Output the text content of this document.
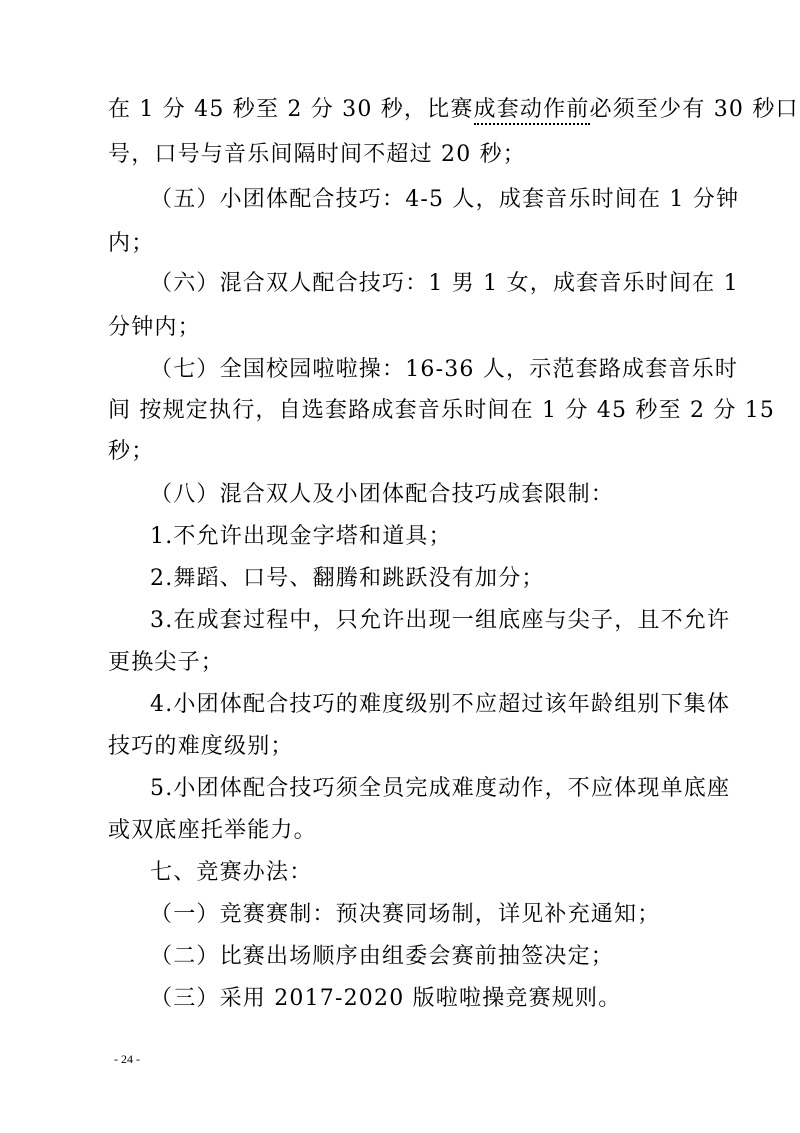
在 1 分 45 秒至 2 分 30 秒，比赛成套动作前必须至少有 30 秒口
号，口号与音乐间隔时间不超过 20 秒；
（五）小团体配合技巧：4-5 人，成套音乐时间在 1 分钟
内；
（六）混合双人配合技巧：1 男 1 女，成套音乐时间在 1
分钟内；
（七）全国校园啦啦操：16-36 人，示范套路成套音乐时
间 按规定执行，自选套路成套音乐时间在 1 分 45 秒至 2 分 15
秒；
（八）混合双人及小团体配合技巧成套限制：
1.不允许出现金字塔和道具；
2.舞蹈、口号、翻腾和跳跃没有加分；
3.在成套过程中，只允许出现一组底座与尖子，且不允许
更换尖子；
4.小团体配合技巧的难度级别不应超过该年龄组别下集体
技巧的难度级别；
5.小团体配合技巧须全员完成难度动作，不应体现单底座
或双底座托举能力。
七、竞赛办法：
（一）竞赛赛制：预决赛同场制，详见补充通知；
（二）比赛出场顺序由组委会赛前抽签决定；
（三）采用 2017-2020 版啦啦操竞赛规则。
- 24 -
